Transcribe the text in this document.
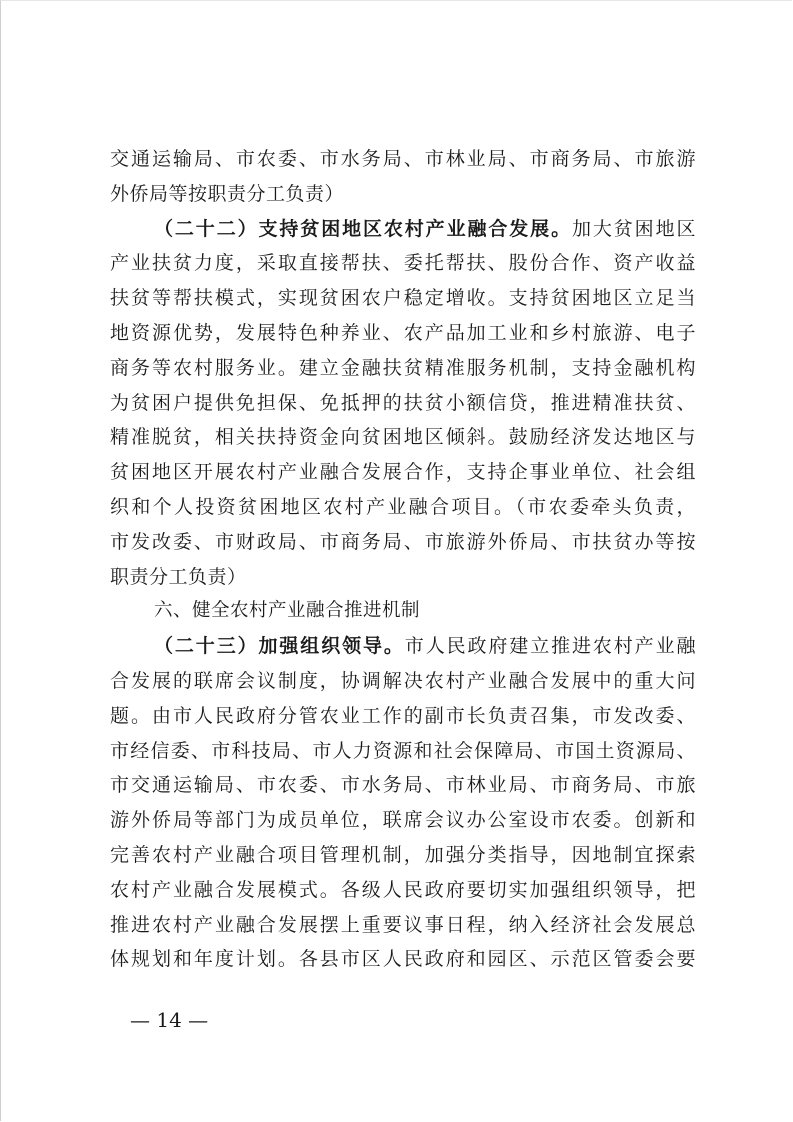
交通运输局、市农委、市水务局、市林业局、市商务局、市旅游
外侨局等按职责分工负责）
（二十二）支持贫困地区农村产业融合发展。加大贫困地区
产业扶贫力度，采取直接帮扶、委托帮扶、股份合作、资产收益
扶贫等帮扶模式，实现贫困农户稳定增收。支持贫困地区立足当
地资源优势，发展特色种养业、农产品加工业和乡村旅游、电子
商务等农村服务业。建立金融扶贫精准服务机制，支持金融机构
为贫困户提供免担保、免抵押的扶贫小额信贷，推进精准扶贫、
精准脱贫，相关扶持资金向贫困地区倾斜。鼓励经济发达地区与
贫困地区开展农村产业融合发展合作，支持企事业单位、社会组
织和个人投资贫困地区农村产业融合项目。（市农委牵头负责，
市发改委、市财政局、市商务局、市旅游外侨局、市扶贫办等按
职责分工负责）
六、健全农村产业融合推进机制
（二十三）加强组织领导。市人民政府建立推进农村产业融
合发展的联席会议制度，协调解决农村产业融合发展中的重大问
题。由市人民政府分管农业工作的副市长负责召集，市发改委、
市经信委、市科技局、市人力资源和社会保障局、市国土资源局、
市交通运输局、市农委、市水务局、市林业局、市商务局、市旅
游外侨局等部门为成员单位，联席会议办公室设市农委。创新和
完善农村产业融合项目管理机制，加强分类指导，因地制宜探索
农村产业融合发展模式。各级人民政府要切实加强组织领导，把
推进农村产业融合发展摆上重要议事日程，纳入经济社会发展总
体规划和年度计划。各县市区人民政府和园区、示范区管委会要
— 14 —
